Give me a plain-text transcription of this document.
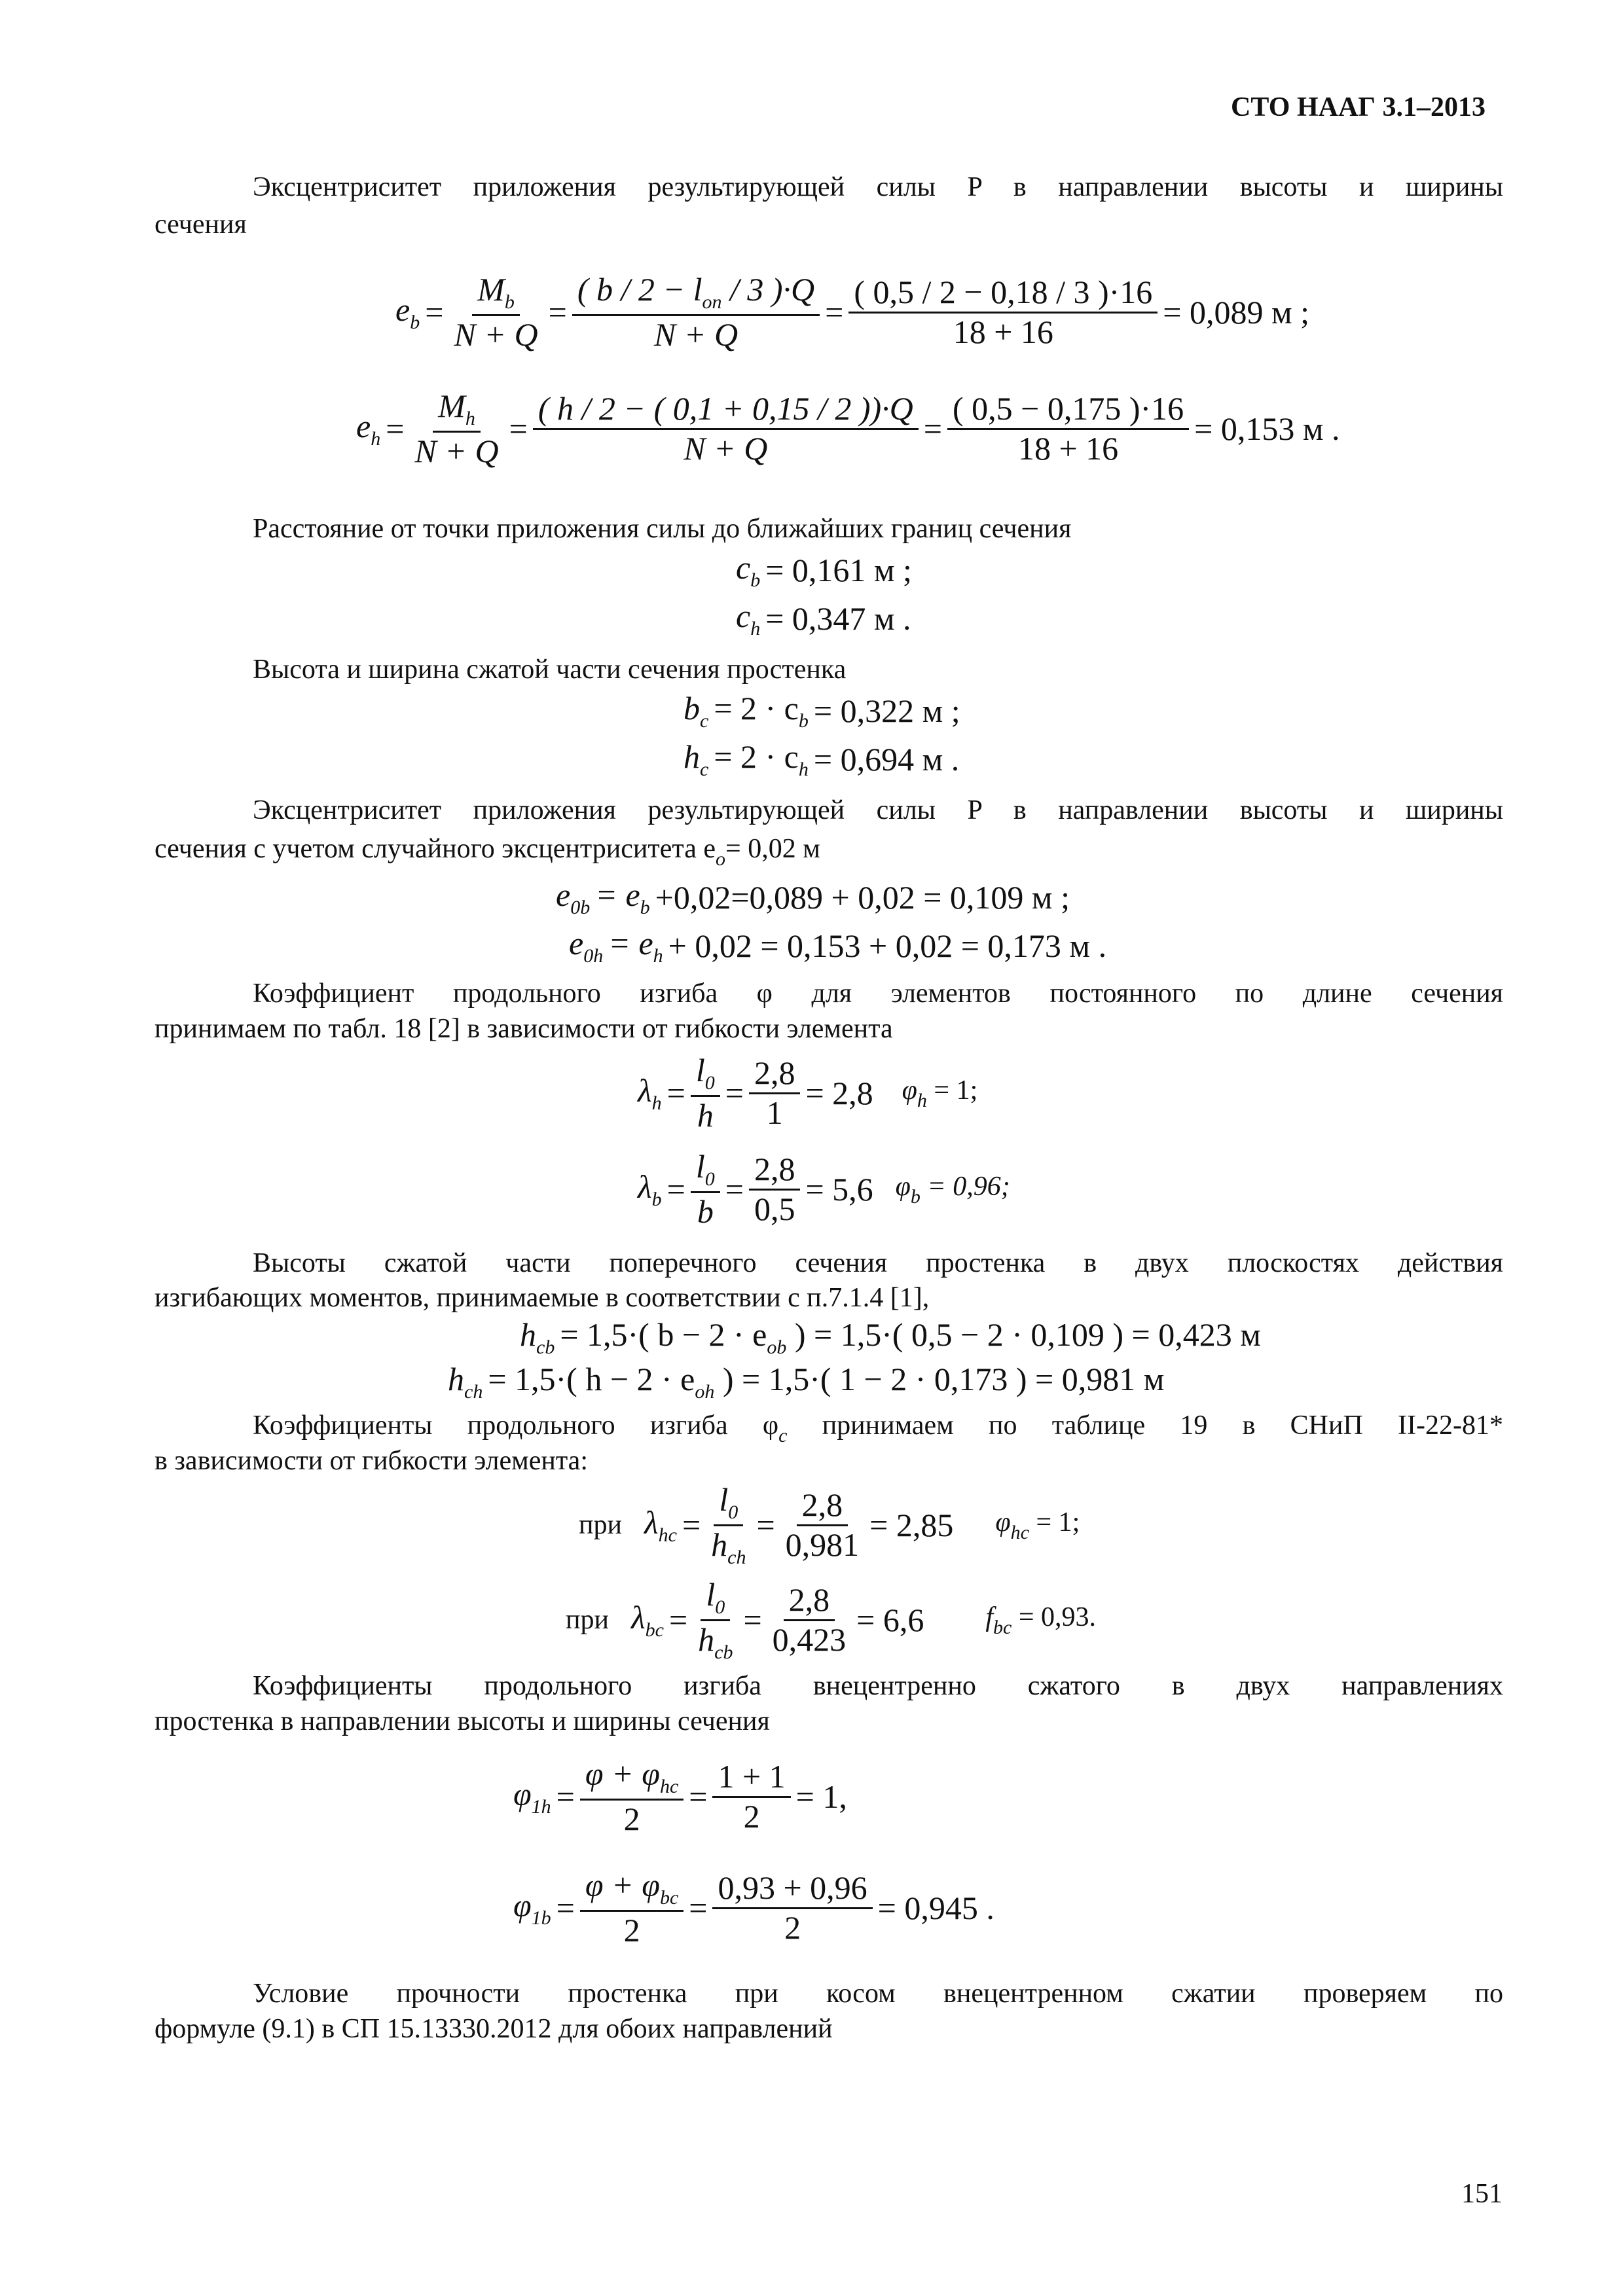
СТО НААГ 3.1–2013
Эксцентриситет приложения результирующей силы P в направлении высоты и ширины
сечения
$e_b = \frac{M_b}{N + Q} = \frac{( b / 2 - l_{on} / 3 )\cdot Q}{N + Q} = \frac{( 0,5 / 2 - 0,18 / 3 )\cdot 16}{18 + 16} = 0,089$ м ;
$e_h = \frac{M_h}{N + Q} = \frac{( h / 2 - ( 0,1 + 0,15 / 2 ))\cdot Q}{N + Q} = \frac{( 0,5 - 0,175 )\cdot 16}{18 + 16} = 0,153$ м .
Расстояние от точки приложения силы до ближайших границ сечения
$c_b = 0,161$ м ;
$c_h = 0,347$ м .
Высота и ширина сжатой части сечения простенка
$b_c = 2 \cdot c_b = 0,322$ м ;
$h_c = 2 \cdot c_h = 0,694$ м .
Эксцентриситет приложения результирующей силы P в направлении высоты и ширины
сечения с учетом случайного эксцентриситета $e_o= 0,02$ м
$e_{0b} = e_b +0,02=0,089 + 0,02 = 0,109$ м ;
$e_{0h} = e_h + 0,02 = 0,153 + 0,02 = 0,173$ м .
Коэффициент продольного изгиба φ для элементов постоянного по длине сечения
принимаем по табл. 18 [2] в зависимости от гибкости элемента
$\lambda_h = \frac{l_0}{h} = \frac{2,8}{1} = 2,8$ $\varphi_h = 1$;
$\lambda_b = \frac{l_0}{b} = \frac{2,8}{0,5} = 5,6$ $\varphi_b = 0,96$;
Высоты сжатой части поперечного сечения простенка в двух плоскостях действия
изгибающих моментов, принимаемые в соответствии с п.7.1.4 [1],
$h_{cb} = 1,5\cdot$( $b - 2 \cdot e_{ob}$ ) = 1,5·( 0,5 − 2 · 0,109 ) = 0,423 м
$h_{ch} = 1,5\cdot$( $h - 2 \cdot e_{oh}$ ) = 1,5·( 1 − 2 · 0,173 ) = 0,981 м
Коэффициенты продольного изгиба $\varphi_c$ принимаем по таблице 19 в СНиП II-22-81*
в зависимости от гибкости элемента:
при $\lambda_{hc} = \frac{l_0}{h_{ch}} = \frac{2,8}{0,981} = 2,85$ $\varphi_{hc} = 1$;
при $\lambda_{bc} = \frac{l_0}{h_{cb}} = \frac{2,8}{0,423} = 6,6$ $f_{bc} = 0,93$.
Коэффициенты продольного изгиба внецентренно сжатого в двух направлениях
простенка в направлении высоты и ширины сечения
$\varphi_{1h} = \frac{\varphi + \varphi_{hc}}{2} = \frac{1 + 1}{2} = 1$,
$\varphi_{1b} = \frac{\varphi + \varphi_{bc}}{2} = \frac{0,93 + 0,96}{2} = 0,945$ .
Условие прочности простенка при косом внецентренном сжатии проверяем по
формуле (9.1) в СП 15.13330.2012 для обоих направлений
151
